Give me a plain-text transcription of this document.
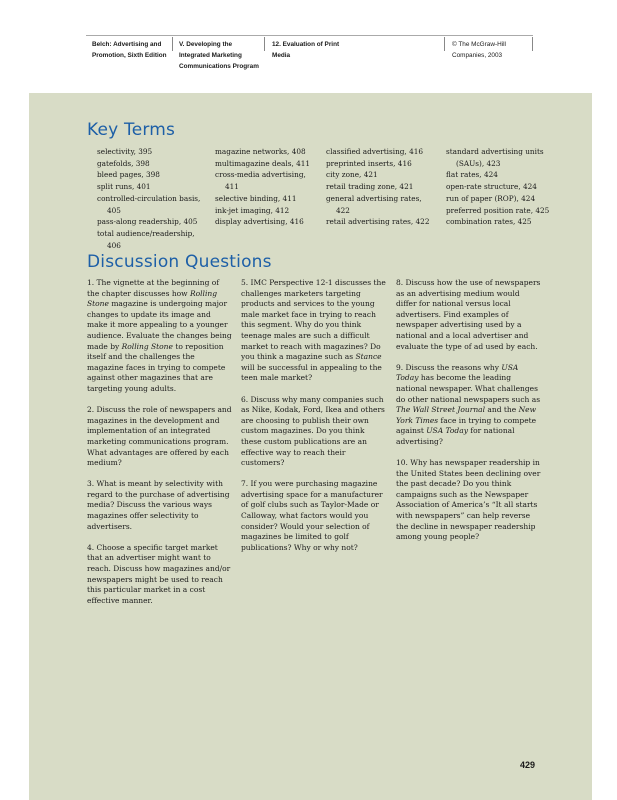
Belch: Advertising and
Promotion, Sixth Edition
V. Developing the
Integrated Marketing
Communications Program
12. Evaluation of Print
Media
© The McGraw-Hill
Companies, 2003
Key Terms
selectivity, 395
gatefolds, 398
bleed pages, 398
split runs, 401
controlled-circulation basis, 405
pass-along readership, 405
total audience/readership, 406
magazine networks, 408
multimagazine deals, 411
cross-media advertising, 411
selective binding, 411
ink-jet imaging, 412
display advertising, 416
classified advertising, 416
preprinted inserts, 416
city zone, 421
retail trading zone, 421
general advertising rates, 422
retail advertising rates, 422
standard advertising units (SAUs), 423
flat rates, 424
open-rate structure, 424
run of paper (ROP), 424
preferred position rate, 425
combination rates, 425
Discussion Questions

1. The vignette at the beginning of the chapter discusses how Rolling Stone magazine is undergoing major changes to update its image and make it more appealing to a younger audience. Evaluate the changes being made by Rolling Stone to reposition itself and the challenges the magazine faces in trying to compete against other magazines that are targeting young adults.

2. Discuss the role of newspapers and magazines in the development and implementation of an integrated marketing communications program. What advantages are offered by each medium?

3. What is meant by selectivity with regard to the purchase of advertising media? Discuss the various ways magazines offer selectivity to advertisers.

4. Choose a specific target market that an advertiser might want to reach. Discuss how magazines and/or newspapers might be used to reach this particular market in a cost effective manner.

5. IMC Perspective 12-1 discusses the challenges marketers targeting products and services to the young male market face in trying to reach this segment. Why do you think teenage males are such a difficult market to reach with magazines? Do you think a magazine such as Stance will be successful in appealing to the teen male market?

6. Discuss why many companies such as Nike, Kodak, Ford, Ikea and others are choosing to publish their own custom magazines. Do you think these custom publications are an effective way to reach their customers?

7. If you were purchasing magazine advertising space for a manufacturer of golf clubs such as Taylor-Made or Calloway, what factors would you consider? Would your selection of magazines be limited to golf publications? Why or why not?

8. Discuss how the use of newspapers as an advertising medium would differ for national versus local advertisers. Find examples of newspaper advertising used by a national and a local advertiser and evaluate the type of ad used by each.

9. Discuss the reasons why USA Today has become the leading national newspaper. What challenges do other national newspapers such as The Wall Street Journal and the New York Times face in trying to compete against USA Today for national advertising?

10. Why has newspaper readership in the United States been declining over the past decade? Do you think campaigns such as the Newspaper Association of America’s “It all starts with newspapers” can help reverse the decline in newspaper readership among young people?

429
